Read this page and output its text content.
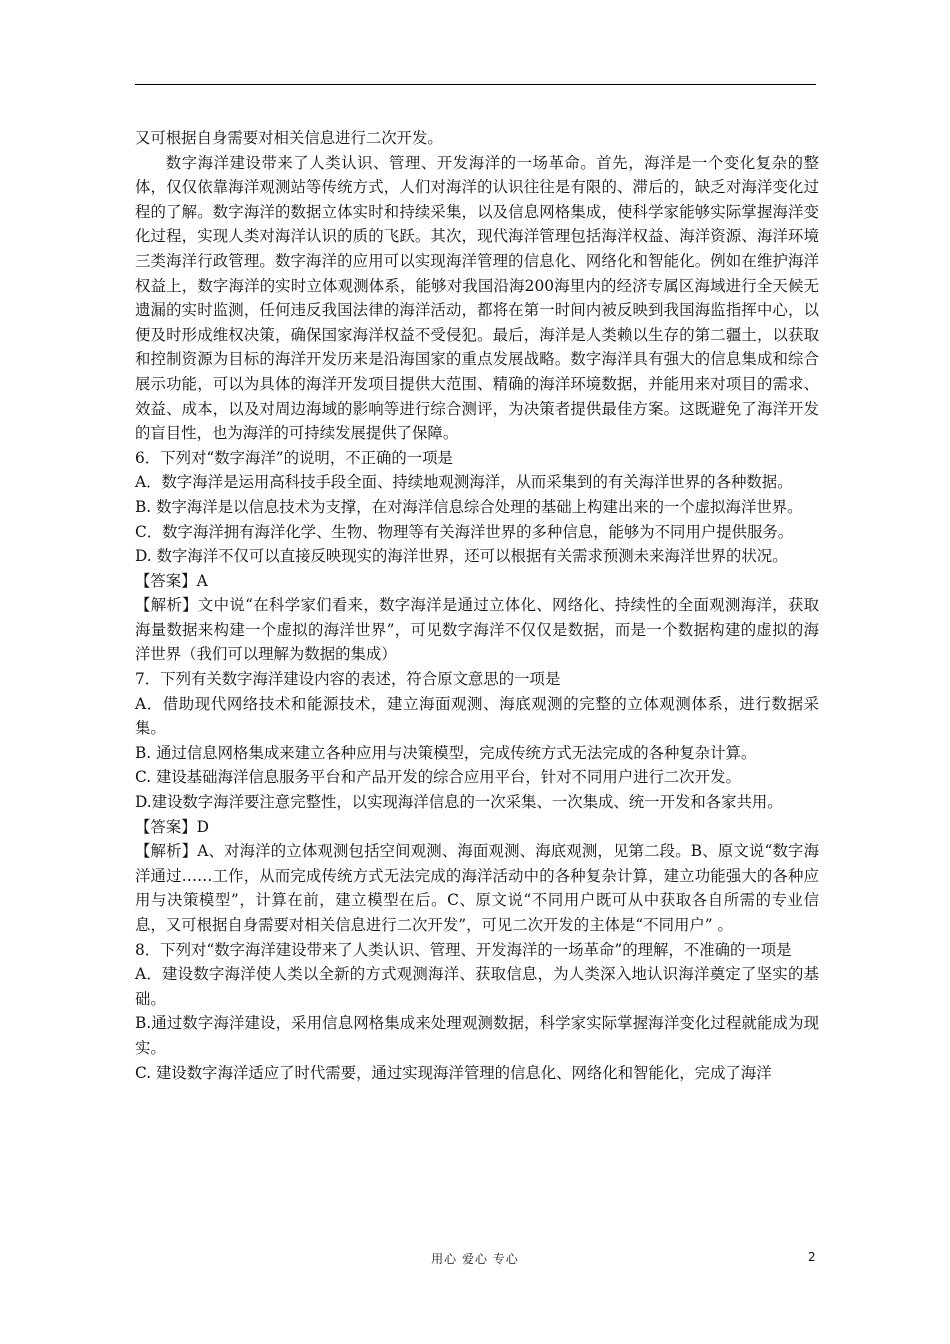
又可根据自身需要对相关信息进行二次开发。

数字海洋建设带来了人类认识、管理、开发海洋的一场革命。首先，海洋是一个变化复杂的整体，仅仅依靠海洋观测站等传统方式，人们对海洋的认识往往是有限的、滞后的，缺乏对海洋变化过程的了解。数字海洋的数据立体实时和持续采集，以及信息网格集成，使科学家能够实际掌握海洋变化过程，实现人类对海洋认识的质的飞跃。其次，现代海洋管理包括海洋权益、海洋资源、海洋环境三类海洋行政管理。数字海洋的应用可以实现海洋管理的信息化、网络化和智能化。例如在维护海洋权益上，数字海洋的实时立体观测体系，能够对我国沿海200海里内的经济专属区海域进行全天候无遗漏的实时监测，任何违反我国法律的海洋活动，都将在第一时间内被反映到我国海监指挥中心，以便及时形成维权决策，确保国家海洋权益不受侵犯。最后，海洋是人类赖以生存的第二疆土，以获取和控制资源为目标的海洋开发历来是沿海国家的重点发展战略。数字海洋具有强大的信息集成和综合展示功能，可以为具体的海洋开发项目提供大范围、精确的海洋环境数据，并能用来对项目的需求、效益、成本，以及对周边海域的影响等进行综合测评，为决策者提供最佳方案。这既避免了海洋开发的盲目性，也为海洋的可持续发展提供了保障。

6．下列对“数字海洋”的说明，不正确的一项是

A．数字海洋是运用高科技手段全面、持续地观测海洋，从而采集到的有关海洋世界的各种数据。

B. 数字海洋是以信息技术为支撑，在对海洋信息综合处理的基础上构建出来的一个虚拟海洋世界。

C．数字海洋拥有海洋化学、生物、物理等有关海洋世界的多种信息，能够为不同用户提供服务。

D. 数字海洋不仅可以直接反映现实的海洋世界，还可以根据有关需求预测未来海洋世界的状况。

【答案】A

【解析】文中说“在科学家们看来，数字海洋是通过立体化、网络化、持续性的全面观测海洋，获取海量数据来构建一个虚拟的海洋世界”，可见数字海洋不仅仅是数据，而是一个数据构建的虚拟的海洋世界（我们可以理解为数据的集成）

7．下列有关数字海洋建设内容的表述，符合原文意思的一项是

A．借助现代网络技术和能源技术，建立海面观测、海底观测的完整的立体观测体系，进行数据采集。

B. 通过信息网格集成来建立各种应用与决策模型，完成传统方式无法完成的各种复杂计算。

C. 建设基础海洋信息服务平台和产品开发的综合应用平台，针对不同用户进行二次开发。

D.建设数字海洋要注意完整性，以实现海洋信息的一次采集、一次集成、统一开发和各家共用。

【答案】D

【解析】A、对海洋的立体观测包括空间观测、海面观测、海底观测，见第二段。B、原文说“数字海洋通过……工作，从而完成传统方式无法完成的海洋活动中的各种复杂计算，建立功能强大的各种应用与决策模型”，计算在前，建立模型在后。C、原文说“不同用户既可从中获取各自所需的专业信息，又可根据自身需要对相关信息进行二次开发”，可见二次开发的主体是“不同用户” 。

8．下列对“数字海洋建设带来了人类认识、管理、开发海洋的一场革命”的理解，不准确的一项是

A．建设数字海洋使人类以全新的方式观测海洋、获取信息，为人类深入地认识海洋奠定了坚实的基础。

B.通过数字海洋建设，采用信息网格集成来处理观测数据，科学家实际掌握海洋变化过程就能成为现实。

C. 建设数字海洋适应了时代需要，通过实现海洋管理的信息化、网络化和智能化，完成了海洋

用心 爱心 专心	2
